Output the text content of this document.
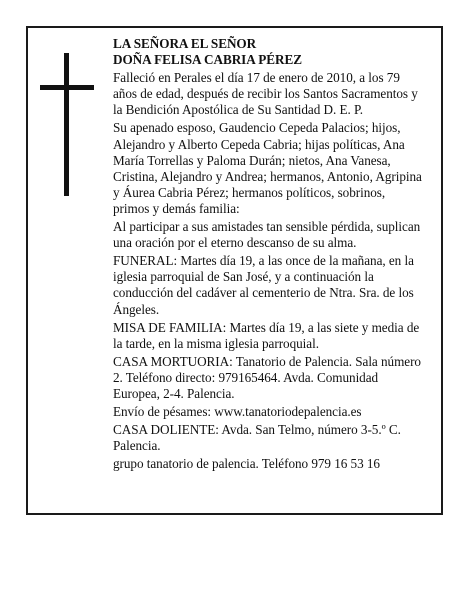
LA SEÑORA EL SEÑOR

DOÑA FELISA CABRIA PÉREZ

Falleció en Perales el día 17 de enero de 2010, a los 79 años de edad, después de recibir los Santos Sacramentos y la Bendición Apostólica de Su Santidad D. E. P.

Su apenado esposo, Gaudencio Cepeda Palacios; hijos, Alejandro y Alberto Cepeda Cabria; hijas políticas, Ana María Torrellas y Paloma Durán; nietos, Ana Vanesa, Cristina, Alejandro y Andrea; hermanos, Antonio, Agripina y Áurea Cabria Pérez; hermanos políticos, sobrinos, primos y demás familia:

Al participar a sus amistades tan sensible pérdida, suplican una oración por el eterno descanso de su alma.

FUNERAL: Martes día 19, a las once de la mañana, en la iglesia parroquial de San José, y a continuación la conducción del cadáver al cementerio de Ntra. Sra. de los Ángeles.

MISA DE FAMILIA: Martes día 19, a las siete y media de la tarde, en la misma iglesia parroquial.

CASA MORTUORIA: Tanatorio de Palencia. Sala número 2. Teléfono directo: 979165464. Avda. Comunidad Europea, 2-4. Palencia.

Envío de pésames: www.tanatoriodepalencia.es

CASA DOLIENTE: Avda. San Telmo, número 3-5.º C. Palencia.

grupo tanatorio de palencia. Teléfono 979 16 53 16
